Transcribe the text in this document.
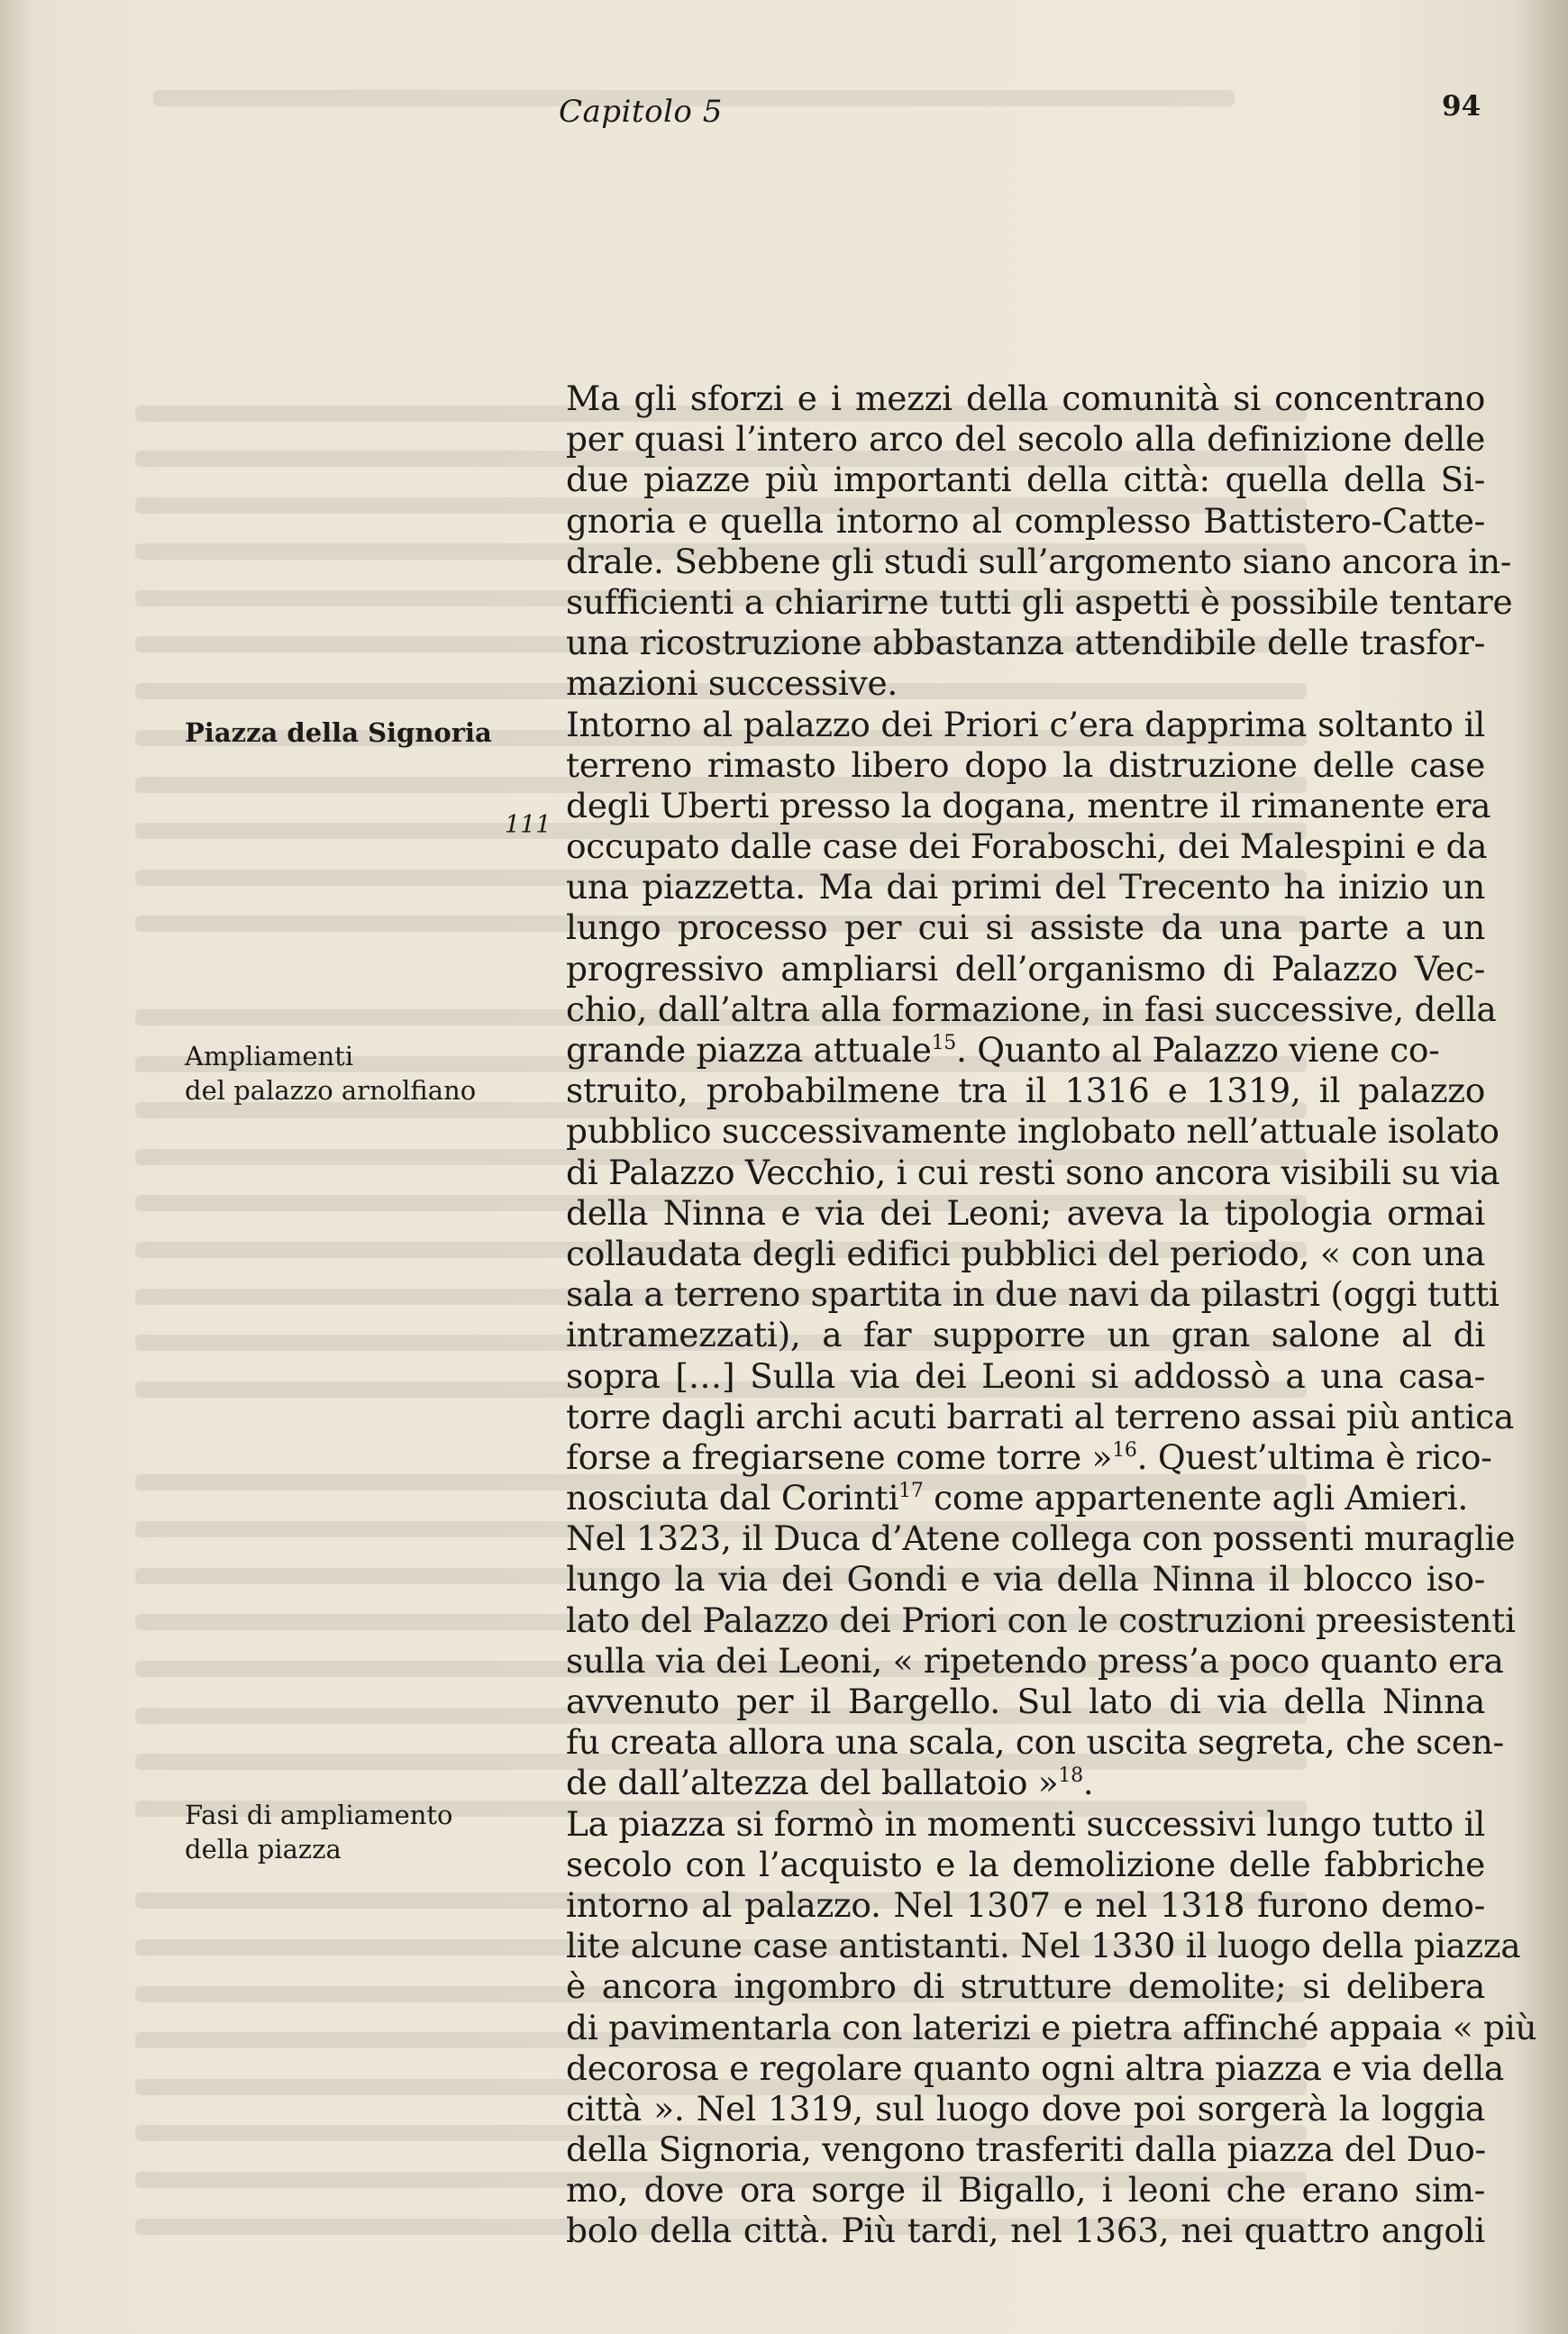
Capitolo 5	94
Piazza della Signoria
111
Ampliamenti
del palazzo arnolfiano
Fasi di ampliamento
della piazza
Ma gli sforzi e i mezzi della comunità si concentrano
per quasi l’intero arco del secolo alla definizione delle
due piazze più importanti della città: quella della Si-
gnoria e quella intorno al complesso Battistero-Catte-
drale. Sebbene gli studi sull’argomento siano ancora in-
sufficienti a chiarirne tutti gli aspetti è possibile tentare
una ricostruzione abbastanza attendibile delle trasfor-
mazioni successive.
Intorno al palazzo dei Priori c’era dapprima soltanto il
terreno rimasto libero dopo la distruzione delle case
degli Uberti presso la dogana, mentre il rimanente era
occupato dalle case dei Foraboschi, dei Malespini e da
una piazzetta. Ma dai primi del Trecento ha inizio un
lungo processo per cui si assiste da una parte a un
progressivo ampliarsi dell’organismo di Palazzo Vec-
chio, dall’altra alla formazione, in fasi successive, della
grande piazza attuale$^{15}$. Quanto al Palazzo viene co-
struito, probabilmene tra il 1316 e 1319, il palazzo
pubblico successivamente inglobato nell’attuale isolato
di Palazzo Vecchio, i cui resti sono ancora visibili su via
della Ninna e via dei Leoni; aveva la tipologia ormai
collaudata degli edifici pubblici del periodo, « con una
sala a terreno spartita in due navi da pilastri (oggi tutti
intramezzati), a far supporre un gran salone al di
sopra […] Sulla via dei Leoni si addossò a una casa-
torre dagli archi acuti barrati al terreno assai più antica
forse a fregiarsene come torre »$^{16}$. Quest’ultima è rico-
nosciuta dal Corinti$^{17}$ come appartenente agli Amieri.
Nel 1323, il Duca d’Atene collega con possenti muraglie
lungo la via dei Gondi e via della Ninna il blocco iso-
lato del Palazzo dei Priori con le costruzioni preesistenti
sulla via dei Leoni, « ripetendo press’a poco quanto era
avvenuto per il Bargello. Sul lato di via della Ninna
fu creata allora una scala, con uscita segreta, che scen-
de dall’altezza del ballatoio »$^{18}$.
La piazza si formò in momenti successivi lungo tutto il
secolo con l’acquisto e la demolizione delle fabbriche
intorno al palazzo. Nel 1307 e nel 1318 furono demo-
lite alcune case antistanti. Nel 1330 il luogo della piazza
è ancora ingombro di strutture demolite; si delibera
di pavimentarla con laterizi e pietra affinché appaia « più
decorosa e regolare quanto ogni altra piazza e via della
città ». Nel 1319, sul luogo dove poi sorgerà la loggia
della Signoria, vengono trasferiti dalla piazza del Duo-
mo, dove ora sorge il Bigallo, i leoni che erano sim-
bolo della città. Più tardi, nel 1363, nei quattro angoli
